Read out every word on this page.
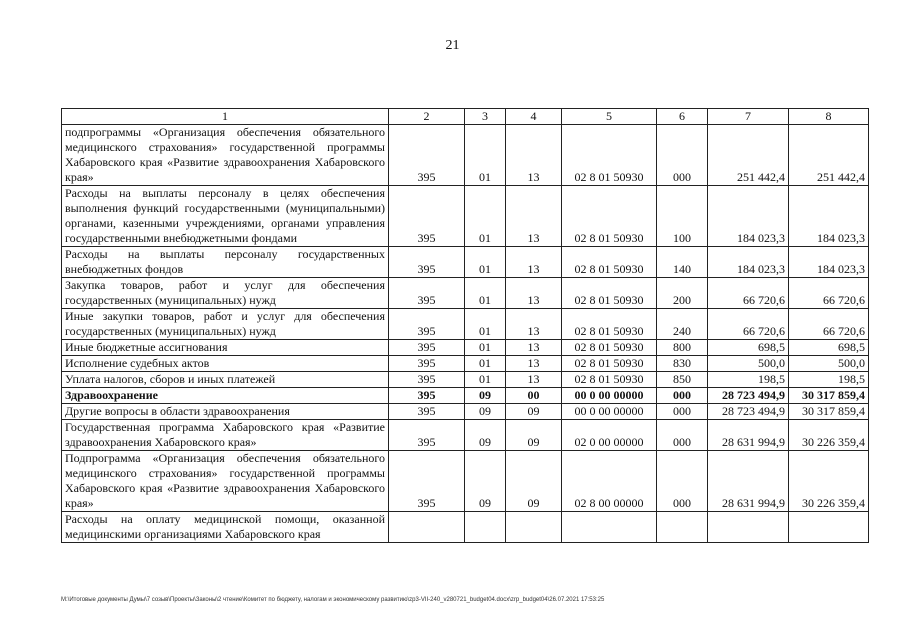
21
1	2	3	4	5	6	7	8
подпрограммы «Организация обеспечения обязательного медицинского страхования» государственной программы Хабаровского края «Развитие здравоохранения Хабаровского края»	395	01	13	02 8 01 50930	000	251 442,4	251 442,4
Расходы на выплаты персоналу в целях обеспечения выполнения функций государственными (муниципальными) органами, казенными учреждениями, органами управления государственными внебюджетными фондами	395	01	13	02 8 01 50930	100	184 023,3	184 023,3
Расходы на выплаты персоналу государственных внебюджетных фондов	395	01	13	02 8 01 50930	140	184 023,3	184 023,3
Закупка товаров, работ и услуг для обеспечения государственных (муниципальных) нужд	395	01	13	02 8 01 50930	200	66 720,6	66 720,6
Иные закупки товаров, работ и услуг для обеспечения государственных (муниципальных) нужд	395	01	13	02 8 01 50930	240	66 720,6	66 720,6
Иные бюджетные ассигнования	395	01	13	02 8 01 50930	800	698,5	698,5
Исполнение судебных актов	395	01	13	02 8 01 50930	830	500,0	500,0
Уплата налогов, сборов и иных платежей	395	01	13	02 8 01 50930	850	198,5	198,5
Здравоохранение	395	09	00	00 0 00 00000	000	28 723 494,9	30 317 859,4
Другие вопросы в области здравоохранения	395	09	09	00 0 00 00000	000	28 723 494,9	30 317 859,4
Государственная программа Хабаровского края «Развитие здравоохранения Хабаровского края»	395	09	09	02 0 00 00000	000	28 631 994,9	30 226 359,4
Подпрограмма «Организация обеспечения обязательного медицинского страхования» государственной программы Хабаровского края «Развитие здравоохранения Хабаровского края»	395	09	09	02 8 00 00000	000	28 631 994,9	30 226 359,4
Расходы на оплату медицинской помощи, оказанной медицинскими организациями Хабаровского края							
M:\Итоговые документы Думы\7 созыв\Проекты\Законы\2 чтение\Комитет по бюджету, налогам и экономическому развитию\zp3-VII-240_v280721_budget04.docx\zrp_budget04\26.07.2021 17:53:25
